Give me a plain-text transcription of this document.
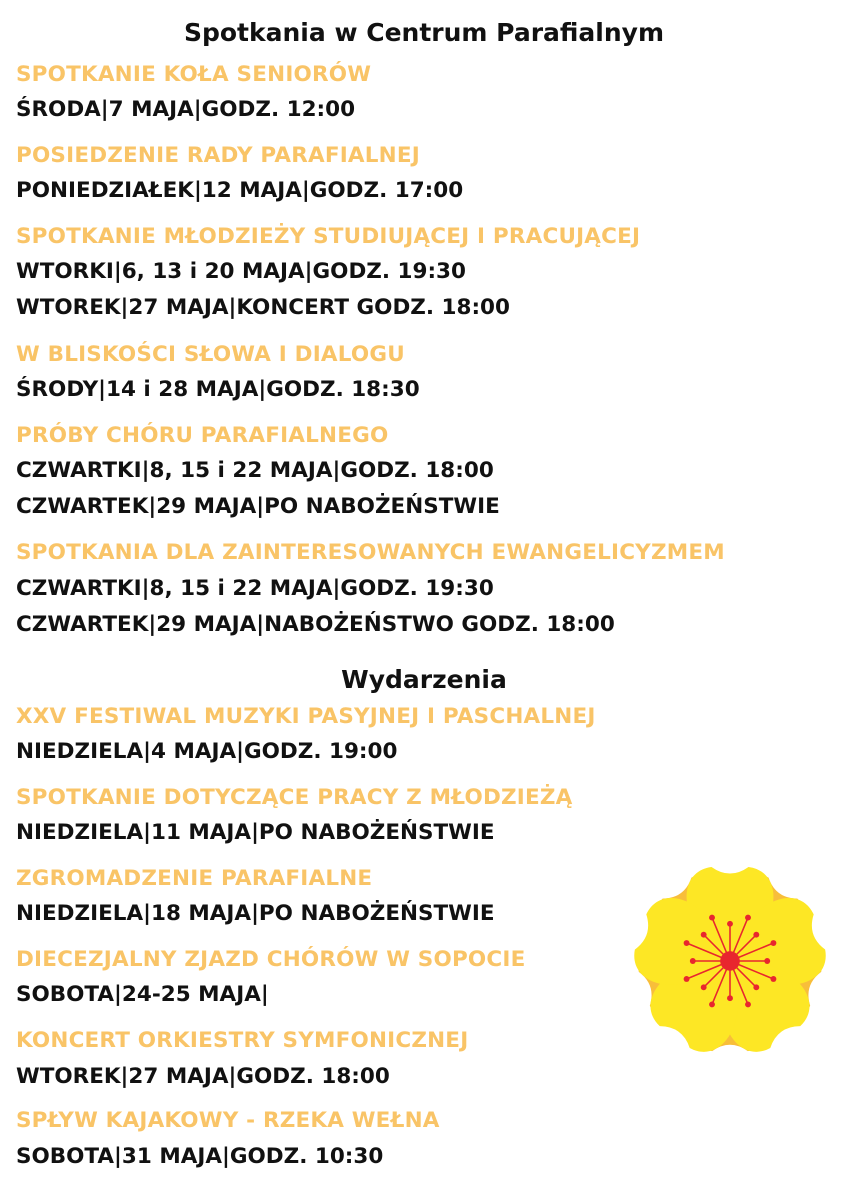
Spotkania w Centrum Parafialnym
SPOTKANIE KOŁA SENIORÓW
ŚRODA|7 MAJA|GODZ. 12:00
POSIEDZENIE RADY PARAFIALNEJ
PONIEDZIAŁEK|12 MAJA|GODZ. 17:00
SPOTKANIE MŁODZIEŻY STUDIUJĄCEJ I PRACUJĄCEJ
WTORKI|6, 13 i 20 MAJA|GODZ. 19:30
WTOREK|27 MAJA|KONCERT GODZ. 18:00
W BLISKOŚCI SŁOWA I DIALOGU
ŚRODY|14 i 28 MAJA|GODZ. 18:30
PRÓBY CHÓRU PARAFIALNEGO
CZWARTKI|8, 15 i 22 MAJA|GODZ. 18:00
CZWARTEK|29 MAJA|PO NABOŻEŃSTWIE
SPOTKANIA DLA ZAINTERESOWANYCH EWANGELICYZMEM
CZWARTKI|8, 15 i 22 MAJA|GODZ. 19:30
CZWARTEK|29 MAJA|NABOŻEŃSTWO GODZ. 18:00
Wydarzenia
XXV FESTIWAL MUZYKI PASYJNEJ I PASCHALNEJ
NIEDZIELA|4 MAJA|GODZ. 19:00
SPOTKANIE DOTYCZĄCE PRACY Z MŁODZIEŻĄ
NIEDZIELA|11 MAJA|PO NABOŻEŃSTWIE
ZGROMADZENIE PARAFIALNE
NIEDZIELA|18 MAJA|PO NABOŻEŃSTWIE
DIECEZJALNY ZJAZD CHÓRÓW W SOPOCIE
SOBOTA|24-25 MAJA|
KONCERT ORKIESTRY SYMFONICZNEJ
WTOREK|27 MAJA|GODZ. 18:00
SPŁYW KAJAKOWY - RZEKA WEŁNA
SOBOTA|31 MAJA|GODZ. 10:30
